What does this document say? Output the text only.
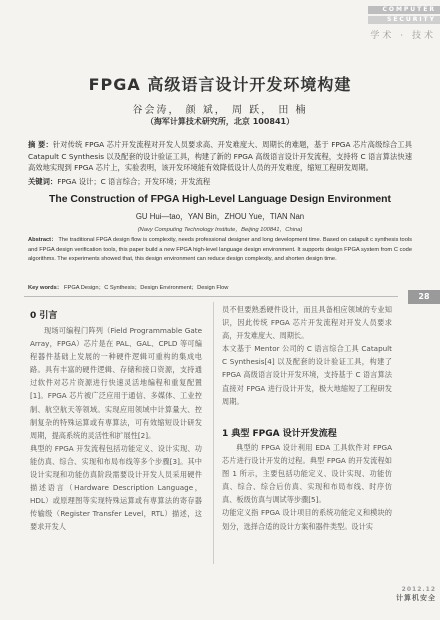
COMPUTER
SECURITY
学术 · 技术
FPGA 高级语言设计开发环境构建
谷会涛， 颜 斌， 周 跃， 田 楠
（海军计算技术研究所，北京 100841）
摘 要：针对传统 FPGA 芯片开发流程对开发人员要求高、开发难度大、周期长的难题，基于 FPGA 芯片高级综合工具 Catapult C Synthesis 以及配套的设计验证工具，构建了新的 FPGA 高级语言设计开发流程，支持将 C 语言算法快速高效地实现到 FPGA 芯片上，实验表明，该开发环境能有效降低设计人员的开发难度，缩短工程研发周期。
关键词：FPGA 设计；C 语言综合；开发环境；开发流程
The Construction of FPGA High-Level Language Design Environment
GU Hui—tao，YAN Bin，ZHOU Yue，TIAN Nan
(Navy Computing Technology Institute，Beijing 100841，China)
Abstract： The traditional FPGA design flow is complexity, needs professional designer and long development time. Based on catapult c synthesis tools and FPGA design verification tools, this paper build a new FPGA high-level language design environment. It supports design FPGA system from C code algorithms. The experiments showed that, this design environment can reduce design complexity, and shorten design time.
Key words： FPGA Design；C Synthesis；Design Environment；Design Flow
28
0 引言
现场可编程门阵列（Field Programmable Gate Array，FPGA）芯片是在 PAL、GAL、CPLD 等可编程器件基础上发展的一种硬件逻辑可重构的集成电路。具有丰富的硬件逻辑、存储和接口资源，支持通过软件对芯片资源进行快速灵活地编程和重复配置[1]。FPGA 芯片被广泛应用于通信、多媒体、工业控制、航空航天等领域。实现应用领域中计算量大、控制复杂的特殊运算或有専算法，可有效缩短设计研发周期，提高系统的灵活性和扩展性[2]。
典型的 FPGA 开发流程包括功能定义、设计实现、功能仿真、综合、实现和布局布线等多个步骤[3]。其中设计实现和功能仿真阶段需要设计开发人员采用硬件描述语言（Hardware Description Language，HDL）或原理图等实现特殊运算或有専算法的寄存器传输级（Register Transfer Level，RTL）描述，这要求开发人
员不但要熟悉硬件设计，而且具备相应领域的专业知识，因此传统 FPGA 芯片开发流程对开发人员要求高，开发难度大、周期长。
本文基于 Mentor 公司的 C 语言综合工具 Catapult C Synthesis[4] 以及配套的设计验证工具，构建了 FPGA 高级语言设计开发环境，支持基于 C 语言算法直接对 FPGA 进行设计开发，极大地缩短了工程研发周期。
1 典型 FPGA 设计开发流程
典型的 FPGA 设计利用 EDA 工具软件对 FPGA 芯片进行设计开发的过程。典型 FPGA 的开发流程如图 1 所示，主要包括功能定义、设计实现、功能仿真、综合、综合后仿真、实现和布局布线、时序仿真、板级仿真与调试等步骤[5]。
功能定义指 FPGA 设计项目的系统功能定义和模块的划分，选择合适的设计方案和器件类型。设计实
2012.12
计算机安全
